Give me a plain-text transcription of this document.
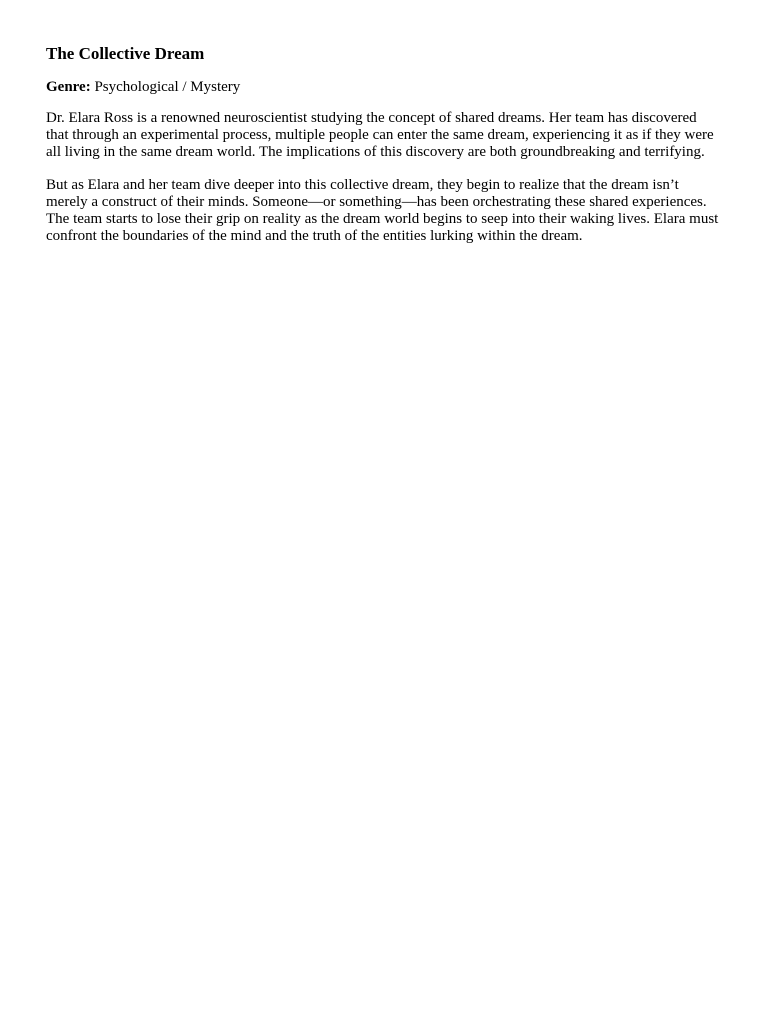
The Collective Dream

Genre: Psychological / Mystery

Dr. Elara Ross is a renowned neuroscientist studying the concept of shared dreams. Her team has discovered that through an experimental process, multiple people can enter the same dream, experiencing it as if they were all living in the same dream world. The implications of this discovery are both groundbreaking and terrifying.

But as Elara and her team dive deeper into this collective dream, they begin to realize that the dream isn’t merely a construct of their minds. Someone—or something—has been orchestrating these shared experiences. The team starts to lose their grip on reality as the dream world begins to seep into their waking lives. Elara must confront the boundaries of the mind and the truth of the entities lurking within the dream.
